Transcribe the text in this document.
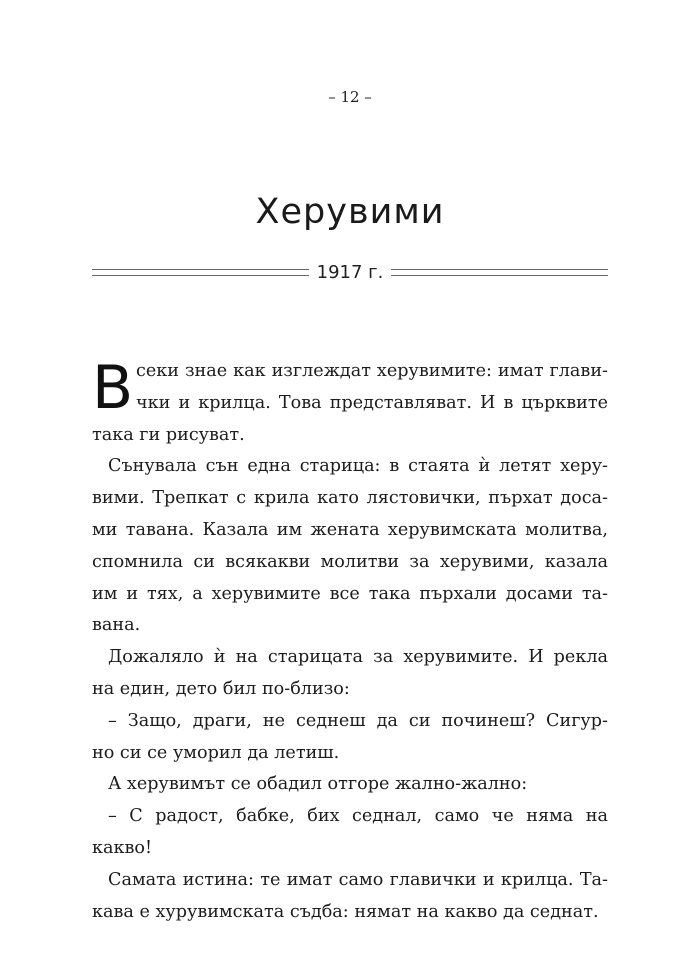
– 12 –
Херувими
1917 г.
В секи знае как изглеждат херувимите: имат глави-
чки и крилца. Това представляват. И в църквите
така ги рисуват.
Сънувала сън една старица: в стаята ѝ летят херу-
вими. Трепкат с крила като лястовички, пърхат доса-
ми тавана. Казала им жената херувимската молитва,
спомнила си всякакви молитви за херувими, казала
им и тях, а херувимите все така пърхали досами та-
вана.
Дожаляло ѝ на старицата за херувимите. И рекла
на един, дето бил по-близо:
– Защо, драги, не седнеш да си починеш? Сигур-
но си се уморил да летиш.
А херувимът се обадил отгоре жално-жално:
– С радост, бабке, бих седнал, само че няма на
какво!
Самата истина: те имат само главички и крилца. Та-
кава е хурувимската съдба: нямат на какво да седнат.
